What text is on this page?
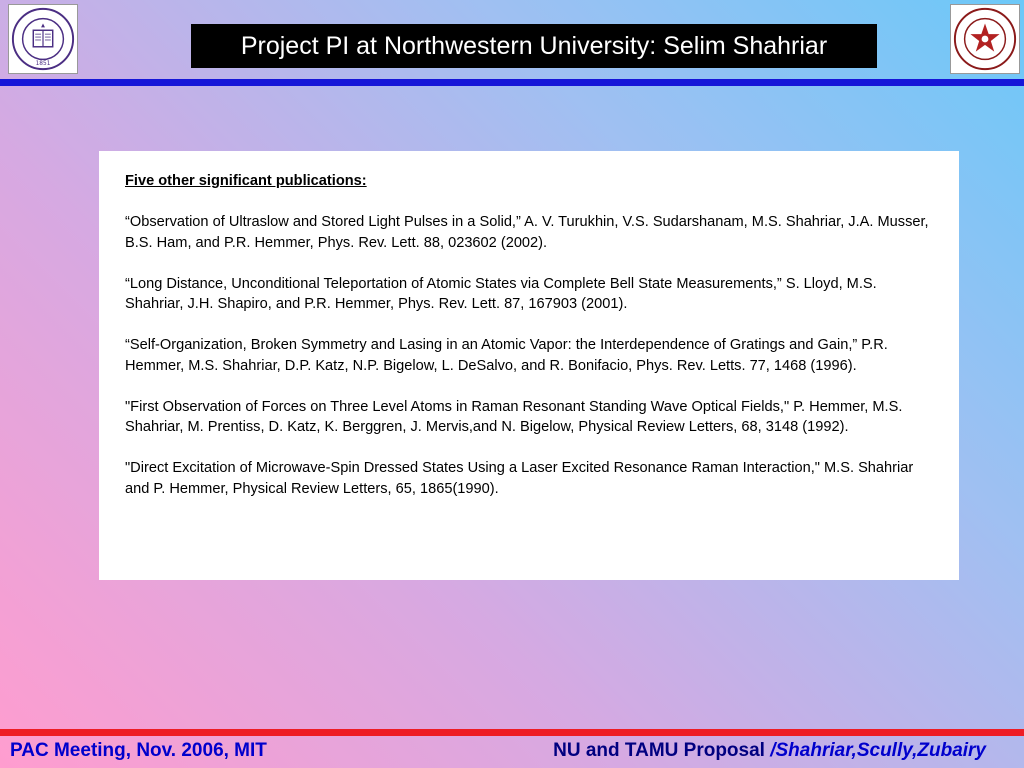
1851
Project PI at Northwestern University: Selim Shahriar
Five other significant publications:

“Observation of Ultraslow and Stored Light Pulses in a Solid,” A. V. Turukhin, V.S. Sudarshanam, M.S. Shahriar, J.A. Musser, B.S. Ham, and P.R. Hemmer, Phys. Rev. Lett. 88, 023602 (2002).

“Long Distance, Unconditional Teleportation of Atomic States via Complete Bell State Measurements,” S. Lloyd, M.S. Shahriar, J.H. Shapiro, and P.R. Hemmer, Phys. Rev. Lett. 87, 167903 (2001).

“Self-Organization, Broken Symmetry and Lasing in an Atomic Vapor: the Interdependence of Gratings and Gain,” P.R. Hemmer, M.S. Shahriar, D.P. Katz, N.P. Bigelow, L. DeSalvo, and R. Bonifacio, Phys. Rev. Letts. 77, 1468 (1996).

"First Observation of Forces on Three Level Atoms in Raman Resonant Standing Wave Optical Fields," P. Hemmer, M.S. Shahriar, M. Prentiss, D. Katz, K. Berggren, J. Mervis,and N. Bigelow, Physical Review Letters, 68, 3148 (1992).

"Direct Excitation of Microwave-Spin Dressed States Using a Laser Excited Resonance Raman Interaction," M.S. Shahriar and P. Hemmer, Physical Review Letters, 65, 1865(1990).

PAC Meeting, Nov. 2006, MIT	NU and TAMU Proposal /Shahriar,Scully,Zubairy
